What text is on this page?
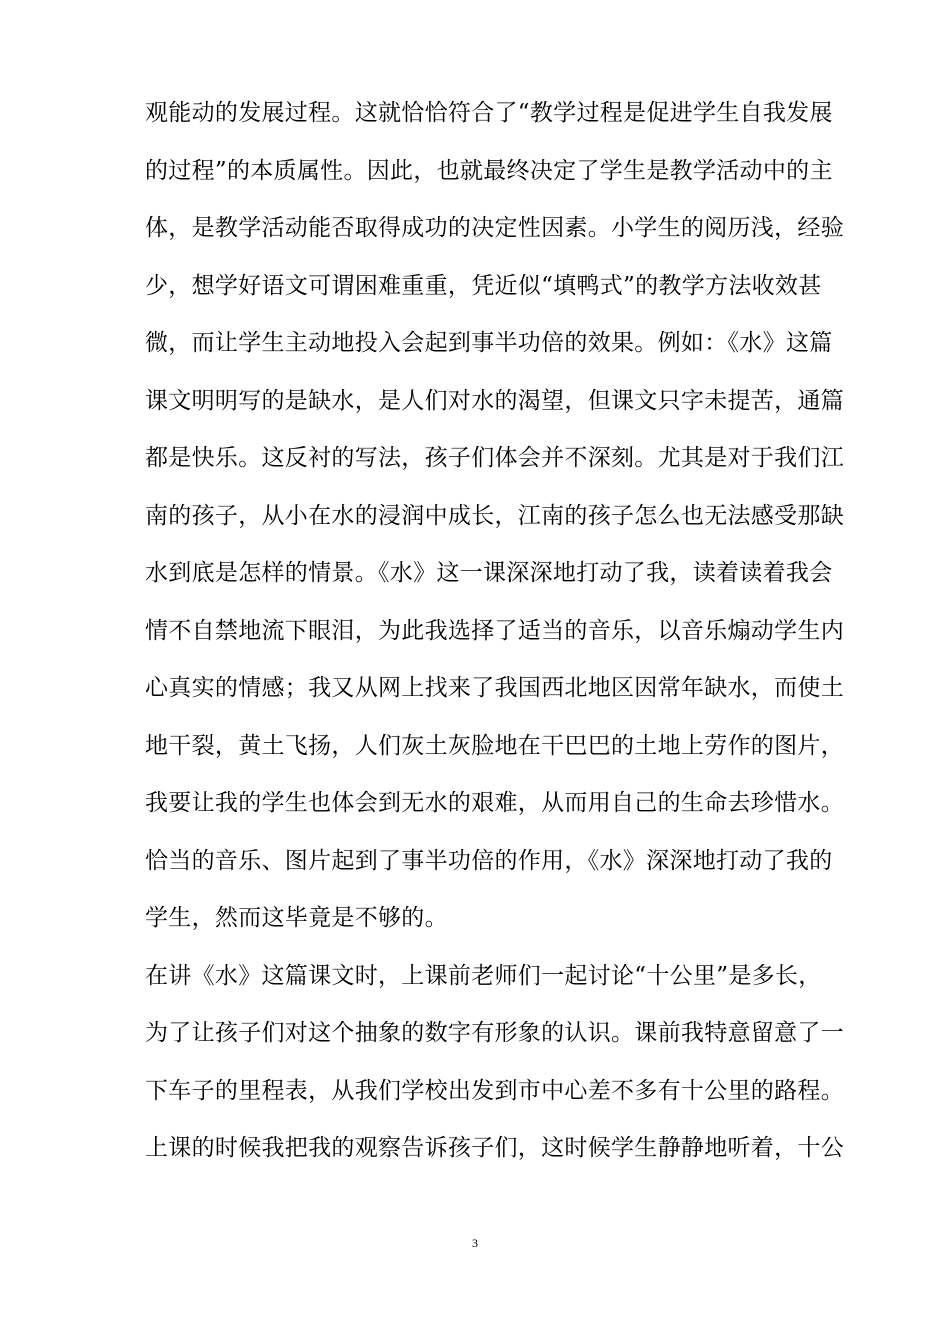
观能动的发展过程。这就恰恰符合了“教学过程是促进学生自我发展
的过程”的本质属性。因此，也就最终决定了学生是教学活动中的主
体，是教学活动能否取得成功的决定性因素。小学生的阅历浅，经验
少，想学好语文可谓困难重重，凭近似“填鸭式”的教学方法收效甚
微，而让学生主动地投入会起到事半功倍的效果。例如：《水》这篇
课文明明写的是缺水，是人们对水的渴望，但课文只字未提苦，通篇
都是快乐。这反衬的写法，孩子们体会并不深刻。尤其是对于我们江
南的孩子，从小在水的浸润中成长，江南的孩子怎么也无法感受那缺
水到底是怎样的情景。《水》这一课深深地打动了我，读着读着我会
情不自禁地流下眼泪，为此我选择了适当的音乐，以音乐煽动学生内
心真实的情感；我又从网上找来了我国西北地区因常年缺水，而使土
地干裂，黄土飞扬，人们灰土灰脸地在干巴巴的土地上劳作的图片，
我要让我的学生也体会到无水的艰难，从而用自己的生命去珍惜水。
恰当的音乐、图片起到了事半功倍的作用，《水》深深地打动了我的
学生，然而这毕竟是不够的。
在讲《水》这篇课文时，上课前老师们一起讨论“十公里”是多长，
为了让孩子们对这个抽象的数字有形象的认识。课前我特意留意了一
下车子的里程表，从我们学校出发到市中心差不多有十公里的路程。
上课的时候我把我的观察告诉孩子们，这时候学生静静地听着，十公
3
